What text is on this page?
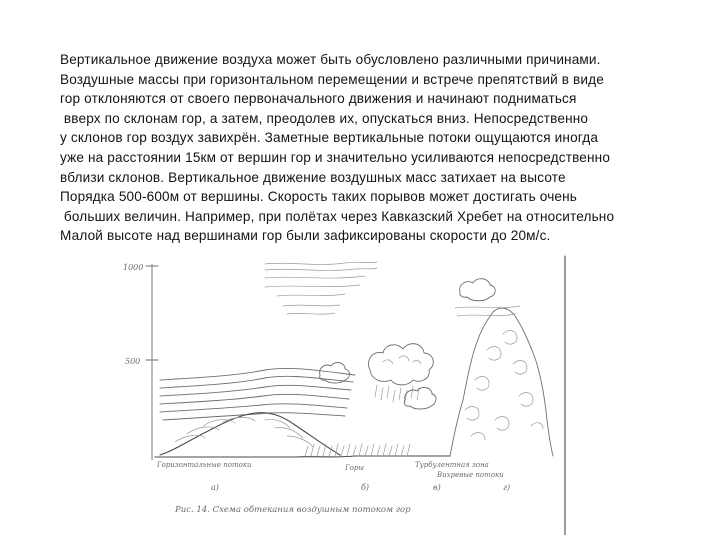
Вертикальное движение воздуха может быть обусловлено различными причинами.
Воздушные массы при горизонтальном перемещении и встрече препятствий в виде
гор отклоняются от своего первоначального движения и начинают подниматься
вверх по склонам гор, а затем, преодолев их, опускаться вниз. Непосредственно
у склонов гор воздух завихрён. Заметные вертикальные потоки ощущаются иногда
уже на расстоянии 15км от вершин гор и значительно усиливаются непосредственно
вблизи склонов. Вертикальное движение воздушных масс затихает на высоте
Порядка 500-600м от вершины. Скорость таких порывов может достигать очень
больших величин. Например, при полётах через Кавказский Хребет на относительно
Малой высоте над вершинами гор были зафиксированы скорости до 20м/с.

1000
500
Горизонтальные потоки	Горы	Турбулентная зона
Вихревые потоки
а)	б)	в)	г)
Рис. 14. Схема обтекания воздушным потоком гор
